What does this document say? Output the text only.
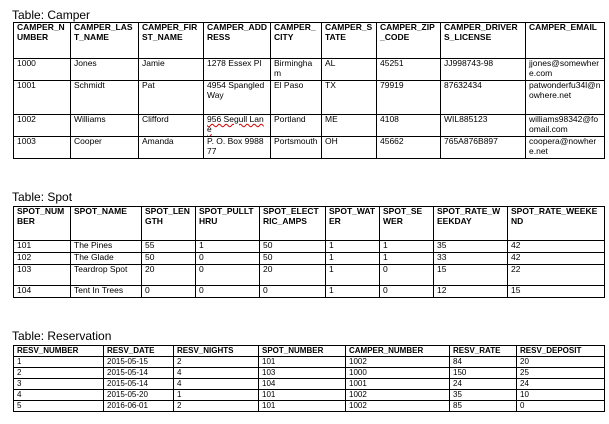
Table: Camper
CAMPER_NUMBER	CAMPER_LAST_NAME	CAMPER_FIRST_NAME	CAMPER_ADDRESS	CAMPER_CITY	CAMPER_STATE	CAMPER_ZIP_CODE	CAMPER_DRIVERS_LICENSE	CAMPER_EMAIL
1000	Jones	Jamie	1278 Essex Pl	Birmingham	AL	45251	JJ998743-98	jjones@somewhere.com
1001	Schmidt	Pat	4954 Spangled Way	El Paso	TX	79919	87632434	patwonderfu34l@nowhere.net
1002	Williams	Clifford	956 Segull Lane	Portland	ME	4108	WIL885123	williams98342@foomail.com
1003	Cooper	Amanda	P. O. Box 998877	Portsmouth	OH	45662	765A876B897	coopera@nowhere.net
Table: Spot
SPOT_NUMBER	SPOT_NAME	SPOT_LENGTH	SPOT_PULLTHRU	SPOT_ELECTRIC_AMPS	SPOT_WATER	SPOT_SEWER	SPOT_RATE_WEEKDAY	SPOT_RATE_WEEKEND
101	The Pines	55	1	50	1	1	35	42
102	The Glade	50	0	50	1	1	33	42
103	Teardrop Spot	20	0	20	1	0	15	22
104	Tent In Trees	0	0	0	1	0	12	15
Table: Reservation
RESV_NUMBER	RESV_DATE	RESV_NIGHTS	SPOT_NUMBER	CAMPER_NUMBER	RESV_RATE	RESV_DEPOSIT
1	2015-05-15	2	101	1002	84	20
2	2015-05-14	4	103	1000	150	25
3	2015-05-14	4	104	1001	24	24
4	2015-05-20	1	101	1002	35	10
5	2016-06-01	2	101	1002	85	0
